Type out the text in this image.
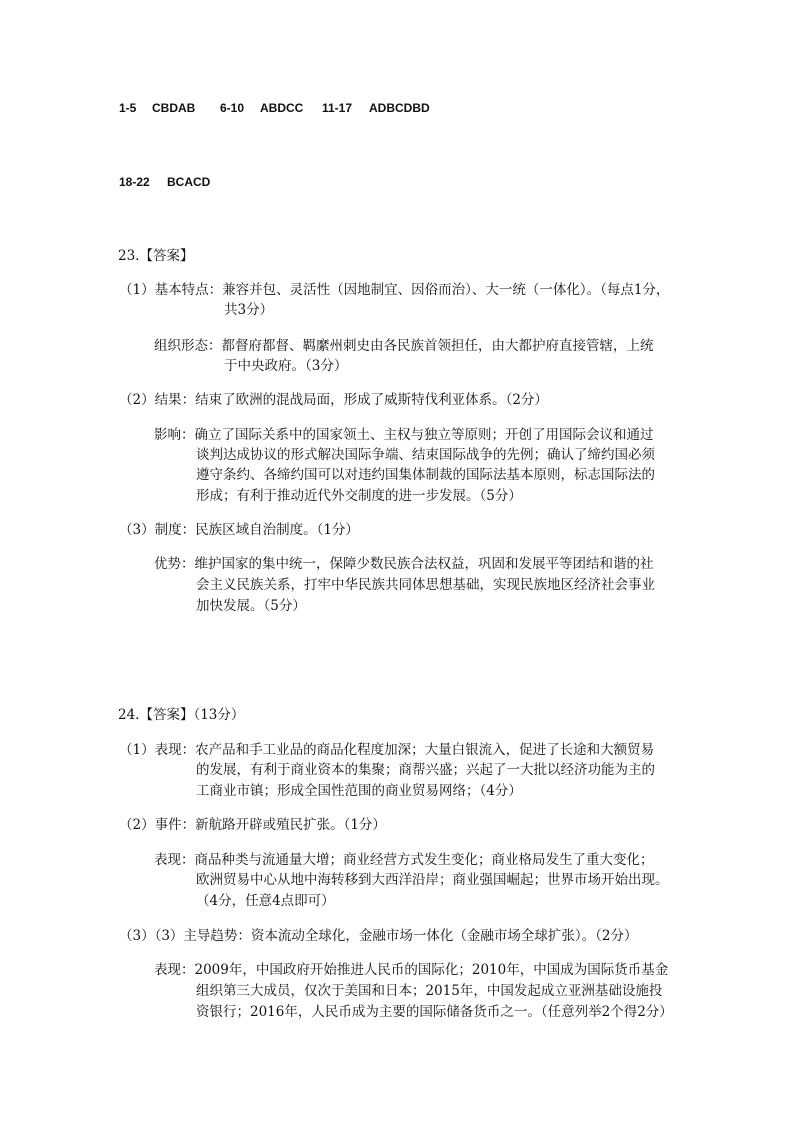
1-5 CBDAB 6-10 ABDCC 11-17 ADBCDBD
18-22 BCACD
23.【答案】
（1）基本特点：兼容并包、灵活性（因地制宜、因俗而治）、大一统（一体化）。（每点1分，
共3分）
组织形态：都督府都督、羁縻州刺史由各民族首领担任，由大都护府直接管辖，上统
于中央政府。（3分）
（2）结果：结束了欧洲的混战局面，形成了威斯特伐利亚体系。（2分）
影响：确立了国际关系中的国家领土、主权与独立等原则；开创了用国际会议和通过
谈判达成协议的形式解决国际争端、结束国际战争的先例；确认了缔约国必须
遵守条约、各缔约国可以对违约国集体制裁的国际法基本原则，标志国际法的
形成；有利于推动近代外交制度的进一步发展。（5分）
（3）制度：民族区域自治制度。（1分）
优势：维护国家的集中统一，保障少数民族合法权益，巩固和发展平等团结和谐的社
会主义民族关系，打牢中华民族共同体思想基础，实现民族地区经济社会事业
加快发展。（5分）
24.【答案】（13分）
（1）表现：农产品和手工业品的商品化程度加深；大量白银流入，促进了长途和大额贸易
的发展，有利于商业资本的集聚；商帮兴盛；兴起了一大批以经济功能为主的
工商业市镇；形成全国性范围的商业贸易网络；（4分）
（2）事件：新航路开辟或殖民扩张。（1分）
表现：商品种类与流通量大增；商业经营方式发生变化；商业格局发生了重大变化；
欧洲贸易中心从地中海转移到大西洋沿岸；商业强国崛起；世界市场开始出现。
（4分，任意4点即可）
（3）（3）主导趋势：资本流动全球化，金融市场一体化（金融市场全球扩张）。（2分）
表现：2009年，中国政府开始推进人民币的国际化；2010年，中国成为国际货币基金
组织第三大成员，仅次于美国和日本；2015年，中国发起成立亚洲基础设施投
资银行；2016年，人民币成为主要的国际储备货币之一。（任意列举2个得2分）
